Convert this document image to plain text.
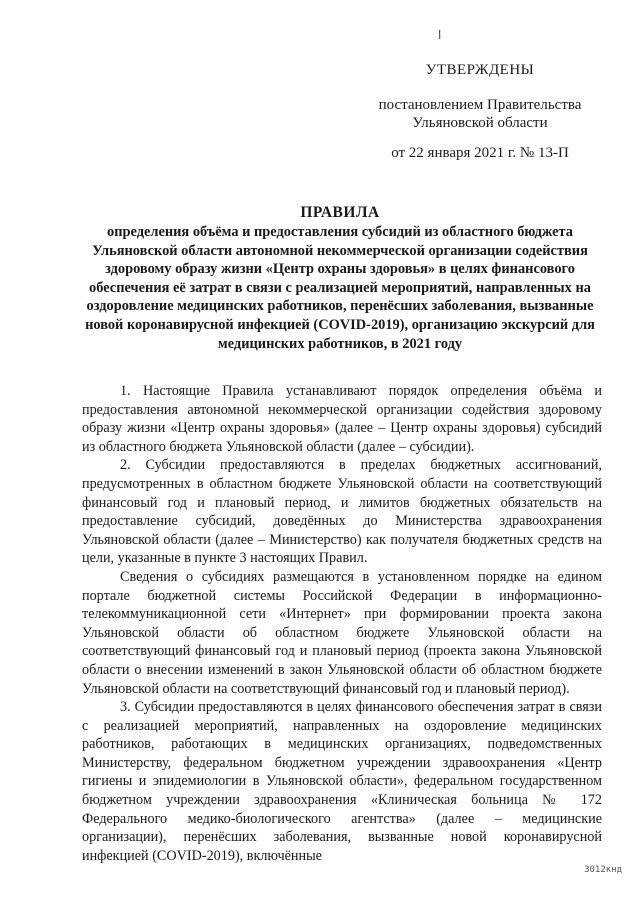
ا
УТВЕРЖДЕНЫ
постановлением Правительства
Ульяновской области
от 22 января 2021 г. № 13-П
ПРАВИЛА
определения объёма и предоставления субсидий из областного бюджета Ульяновской области автономной некоммерческой организации содействия здоровому образу жизни «Центр охраны здоровья» в целях финансового обеспечения её затрат в связи с реализацией мероприятий, направленных на оздоровление медицинских работников, перенёсших заболевания, вызванные новой коронавирусной инфекцией (COVID-2019), организацию экскурсий для медицинских работников, в 2021 году

1. Настоящие Правила устанавливают порядок определения объёма и предоставления автономной некоммерческой организации содействия здоровому образу жизни «Центр охраны здоровья» (далее – Центр охраны здоровья) субсидий из областного бюджета Ульяновской области (далее – субсидии).

2. Субсидии предоставляются в пределах бюджетных ассигнований, предусмотренных в областном бюджете Ульяновской области на соответствующий финансовый год и плановый период, и лимитов бюджетных обязательств на предоставление субсидий, доведённых до Министерства здравоохранения Ульяновской области (далее – Министерство) как получателя бюджетных средств на цели, указанные в пункте 3 настоящих Правил.

Сведения о субсидиях размещаются в установленном порядке на едином портале бюджетной системы Российской Федерации в информационно-телекоммуникационной сети «Интернет» при формировании проекта закона Ульяновской области об областном бюджете Ульяновской области на соответствующий финансовый год и плановый период (проекта закона Ульяновской области о внесении изменений в закон Ульяновской области об областном бюджете Ульяновской области на соответствующий финансовый год и плановый период).

3. Субсидии предоставляются в целях финансового обеспечения затрат в связи с реализацией мероприятий, направленных на оздоровление медицинских работников, работающих в медицинских организациях, подведомственных Министерству, федеральном бюджетном учреждении здравоохранения «Центр гигиены и эпидемиологии в Ульяновской области», федеральном государственном бюджетном учреждении здравоохранения «Клиническая больница № 172 Федерального медико-биологического агентства» (далее – медицинские организации), перенёсших заболевания, вызванные новой коронавирусной инфекцией (COVID-2019), включённые

3012кнд
